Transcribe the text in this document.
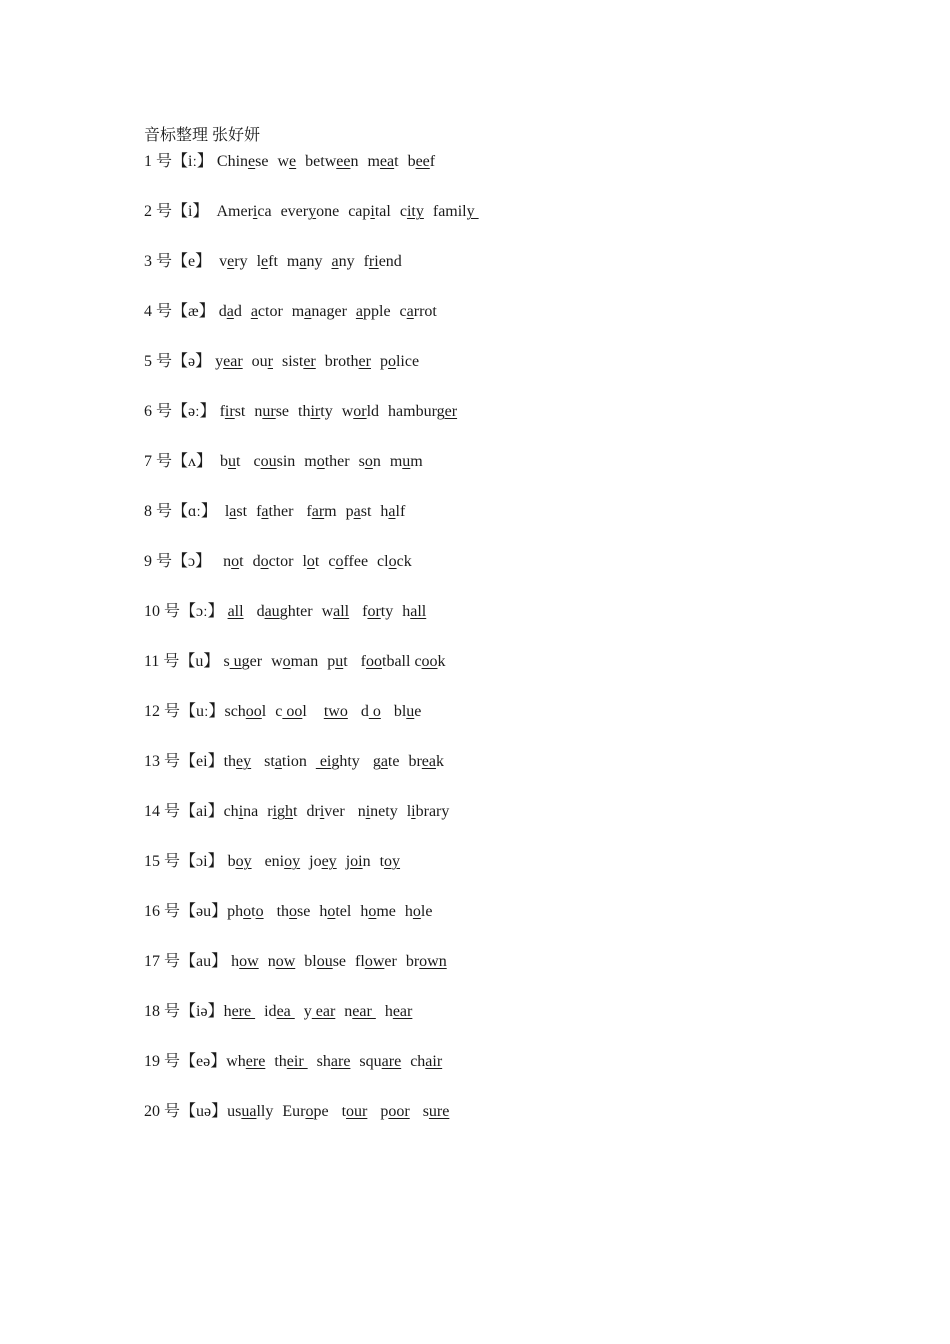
音标整理 张好妍
1 号【iː】 Chinese we between meat beef
2 号【i】  America everyone capital city family
3 号【e】  very left many any friend
4 号【æ】 dad actor manager apple carrot
5 号【ə】 year our sister brother police
6 号【əː】 first nurse thirty world hamburger
7 号【ʌ】  but cousin mother son mum
8 号【ɑː】  last father farm past half
9 号【ɔ】   not doctor lot coffee clock
10 号【ɔː】 all daughter wall forty hall
11 号【u】 s uger woman put football cook
12 号【uː】school c ool  two d o blue
13 号【ei】they station eighty gate break
14 号【ai】china right driver ninety library
15 号【ɔi】 boy enioy joey join toy
16 号【əu】photo those hotel home hole
17 号【au】 how now blouse flower brown
18 号【iə】here idea y ear near hear
19 号【eə】where their share square chair
20 号【uə】usually Europe tour poor sure
